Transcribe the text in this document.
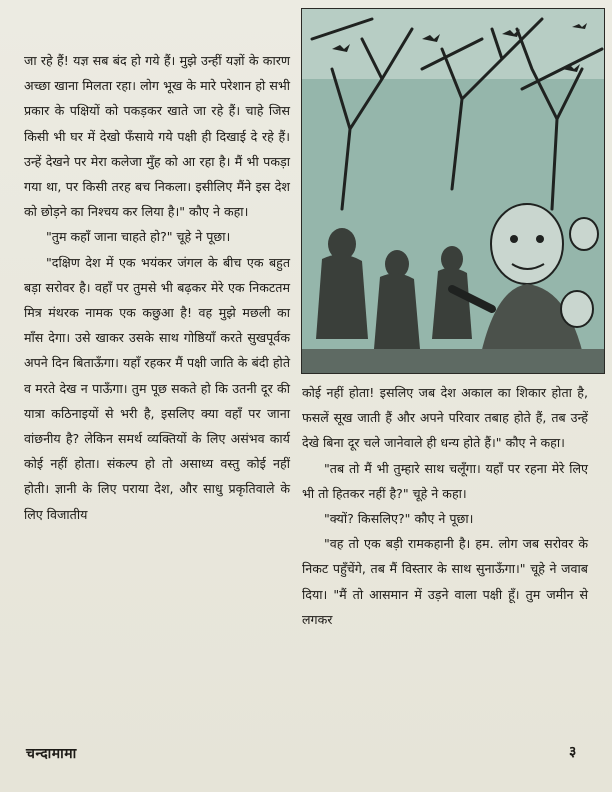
जा रहे हैं! यज्ञ सब बंद हो गये हैं। मुझे उन्हीं यज्ञों के कारण अच्छा खाना मिलता रहा। लोग भूख के मारे परेशान हो सभी प्रकार के पक्षियों को पकड़कर खाते जा रहे हैं। चाहे जिस किसी भी घर में देखो फँसाये गये पक्षी ही दिखाई दे रहे हैं। उन्हें देखने पर मेरा कलेजा मुँह को आ रहा है। मैं भी पकड़ा गया था, पर किसी तरह बच निकला। इसीलिए मैंने इस देश को छोड़ने का निश्चय कर लिया है।" कौए ने कहा।

"तुम कहाँ जाना चाहते हो?" चूहे ने पूछा।

"दक्षिण देश में एक भयंकर जंगल के बीच एक बहुत बड़ा सरोवर है। वहाँ पर तुमसे भी बढ़कर मेरे एक निकटतम मित्र मंथरक नामक एक कछुआ है! वह मुझे मछली का माँस देगा। उसे खाकर उसके साथ गोष्ठियाँ करते सुखपूर्वक अपने दिन बिताऊँगा। यहाँ रहकर मैं पक्षी जाति के बंदी होते व मरते देख न पाऊँगा। तुम पूछ सकते हो कि उतनी दूर की यात्रा कठिनाइयों से भरी है, इसलिए क्या वहाँ पर जाना वांछनीय है? लेकिन समर्थ व्यक्तियों के लिए असंभव कार्य कोई नहीं होता। संकल्प हो तो असाध्य वस्तु कोई नहीं होती। ज्ञानी के लिए पराया देश, और साधु प्रकृतिवाले के लिए विजातीय

कोई नहीं होता! इसलिए जब देश अकाल का शिकार होता है, फसलें सूख जाती हैं और अपने परिवार तबाह होते हैं, तब उन्हें देखे बिना दूर चले जानेवाले ही धन्य होते हैं।" कौए ने कहा।

"तब तो मैं भी तुम्हारे साथ चलूँगा। यहाँ पर रहना मेरे लिए भी तो हितकर नहीं है?" चूहे ने कहा।

"क्यों? किसलिए?" कौए ने पूछा।

"वह तो एक बड़ी रामकहानी है। हम. लोग जब सरोवर के निकट पहुँचेंगे, तब मैं विस्तार के साथ सुनाऊँगा।" चूहे ने जवाब दिया। "मैं तो आसमान में उड़ने वाला पक्षी हूँ। तुम जमीन से लगकर

चन्दामामा	३
